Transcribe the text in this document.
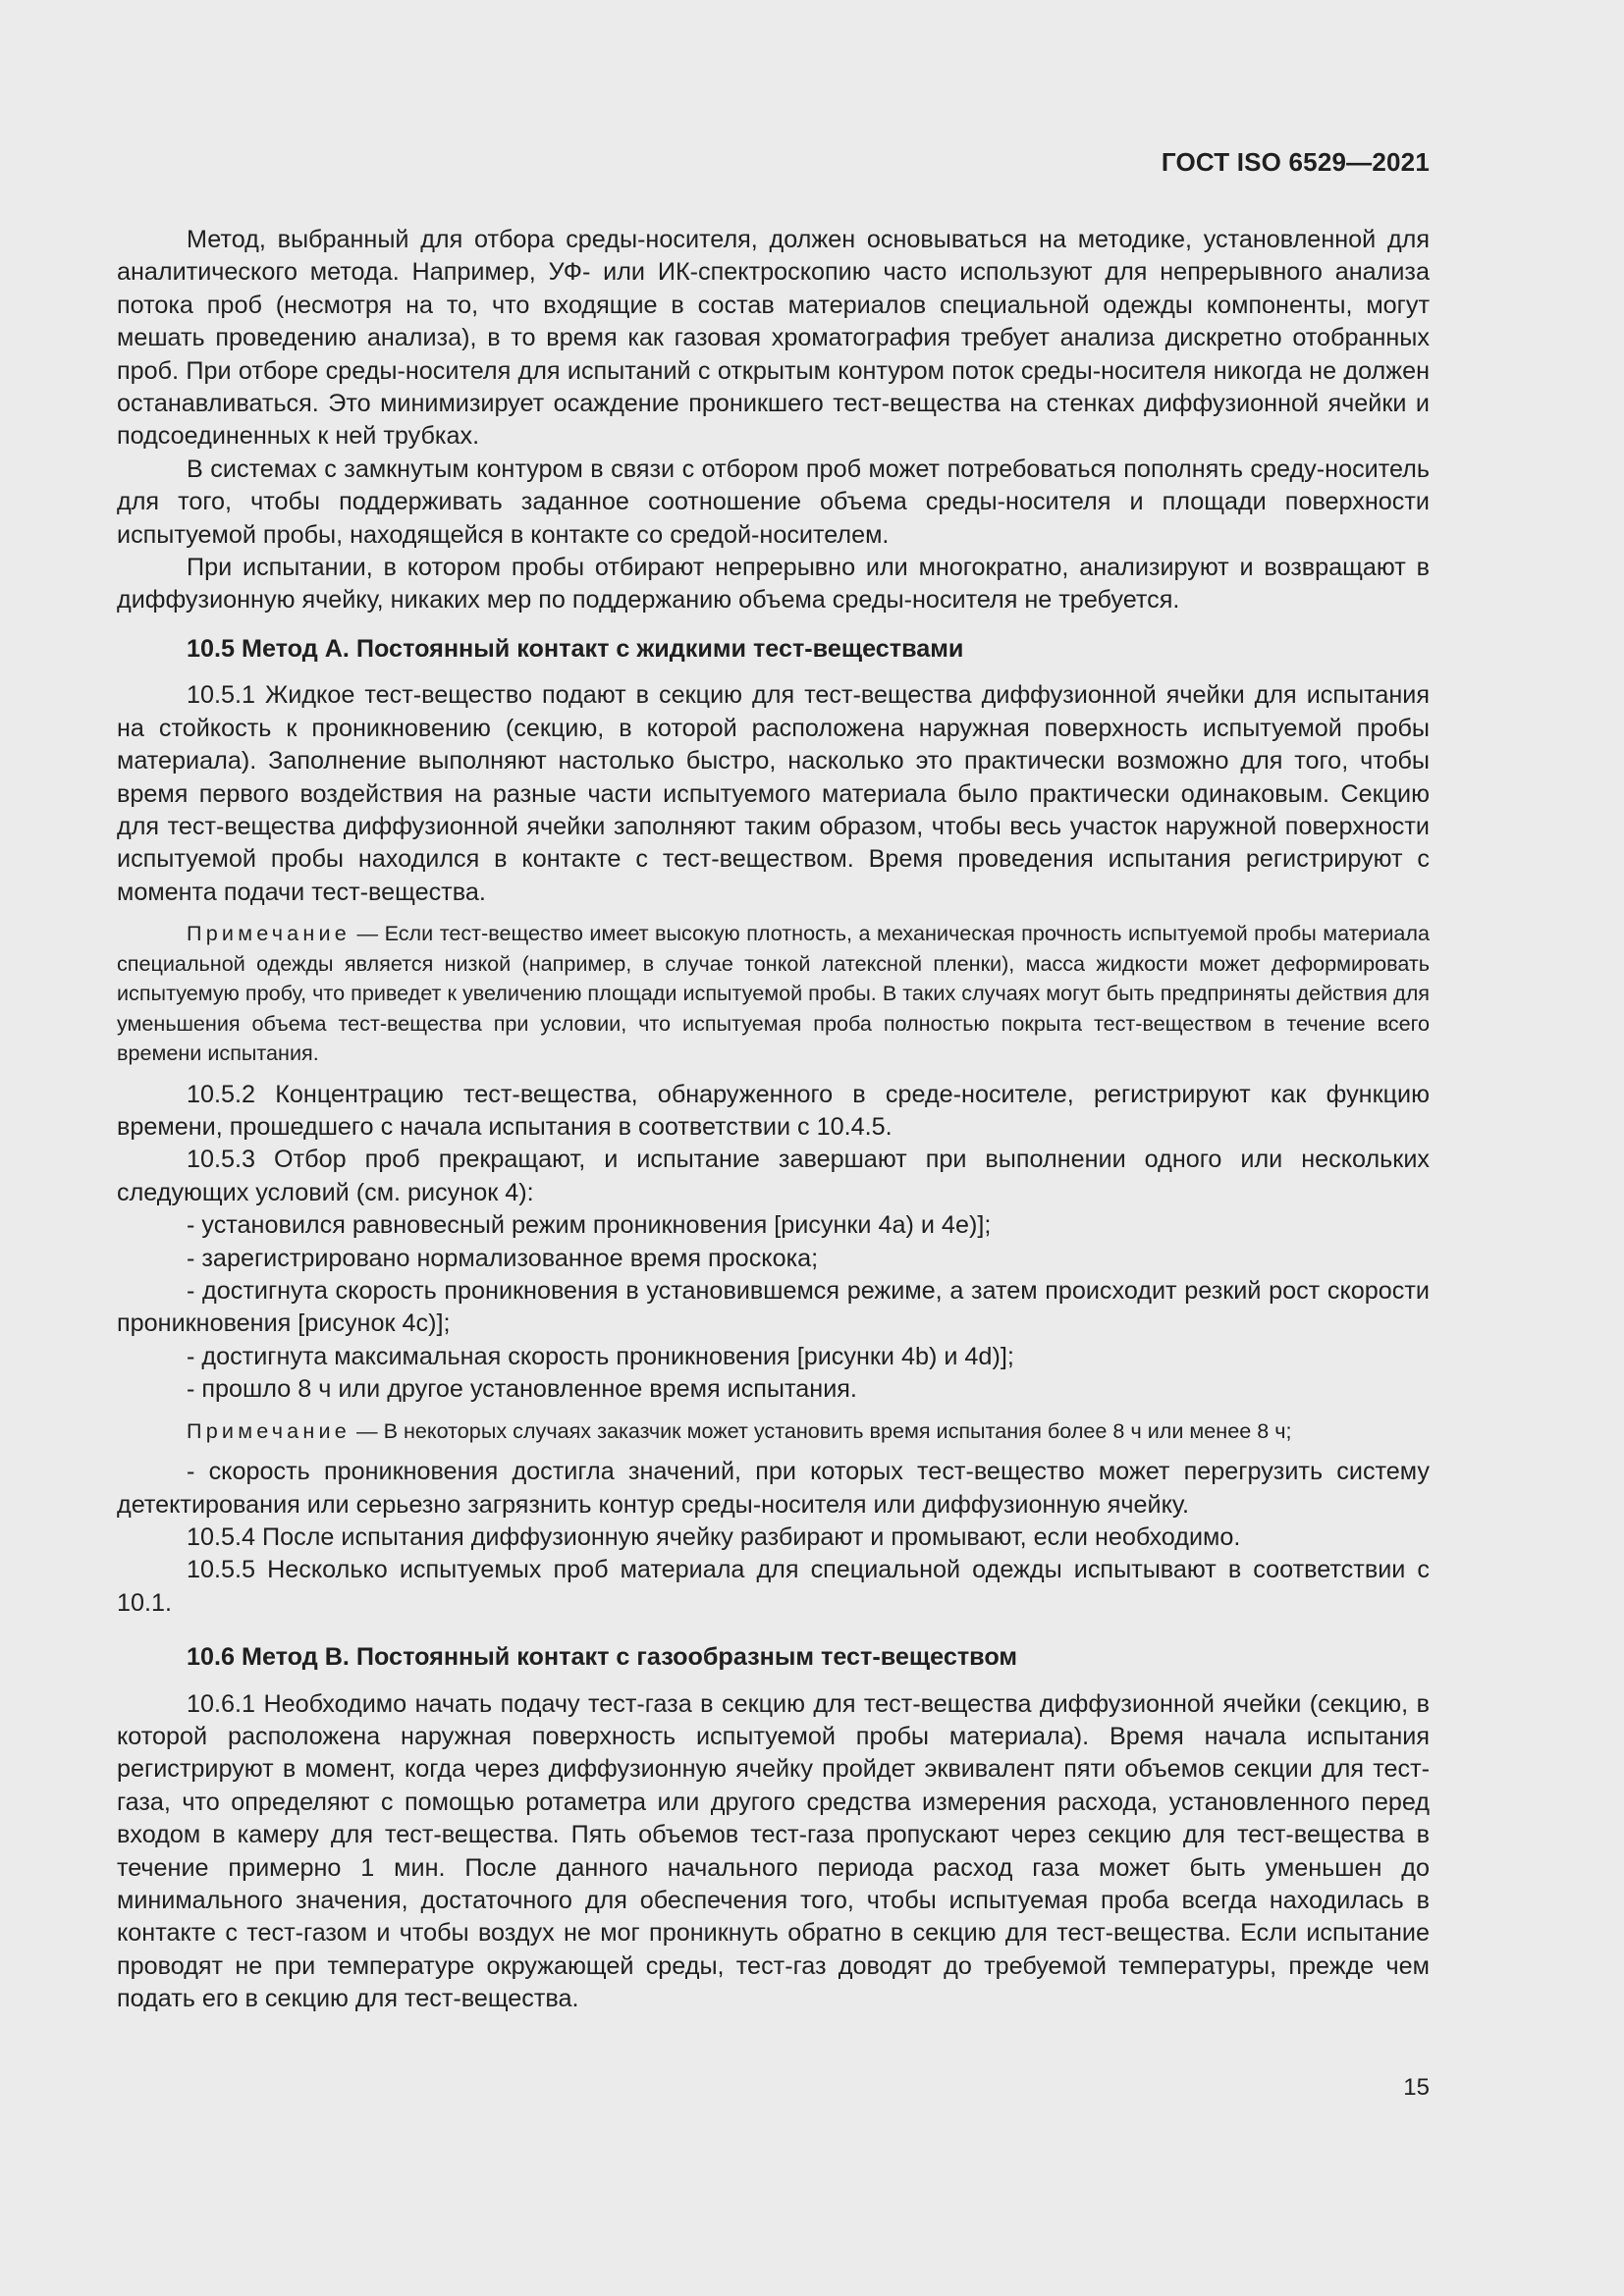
ГОСТ ISO 6529—2021

Метод, выбранный для отбора среды-носителя, должен основываться на методике, установленной для аналитического метода. Например, УФ- или ИК-спектроскопию часто используют для непрерывного анализа потока проб (несмотря на то, что входящие в состав материалов специальной одежды компоненты, могут мешать проведению анализа), в то время как газовая хроматография требует анализа дискретно отобранных проб. При отборе среды-носителя для испытаний с открытым контуром поток среды-носителя никогда не должен останавливаться. Это минимизирует осаждение проникшего тест-вещества на стенках диффузионной ячейки и подсоединенных к ней трубках.

В системах с замкнутым контуром в связи с отбором проб может потребоваться пополнять среду-носитель для того, чтобы поддерживать заданное соотношение объема среды-носителя и площади поверхности испытуемой пробы, находящейся в контакте со средой-носителем.

При испытании, в котором пробы отбирают непрерывно или многократно, анализируют и возвращают в диффузионную ячейку, никаких мер по поддержанию объема среды-носителя не требуется.

10.5 Метод А. Постоянный контакт с жидкими тест-веществами

10.5.1 Жидкое тест-вещество подают в секцию для тест-вещества диффузионной ячейки для испытания на стойкость к проникновению (секцию, в которой расположена наружная поверхность испытуемой пробы материала). Заполнение выполняют настолько быстро, насколько это практически возможно для того, чтобы время первого воздействия на разные части испытуемого материала было практически одинаковым. Секцию для тест-вещества диффузионной ячейки заполняют таким образом, чтобы весь участок наружной поверхности испытуемой пробы находился в контакте с тест-веществом. Время проведения испытания регистрируют с момента подачи тест-вещества.

Примечание — Если тест-вещество имеет высокую плотность, а механическая прочность испытуемой пробы материала специальной одежды является низкой (например, в случае тонкой латексной пленки), масса жидкости может деформировать испытуемую пробу, что приведет к увеличению площади испытуемой пробы. В таких случаях могут быть предприняты действия для уменьшения объема тест-вещества при условии, что испытуемая проба полностью покрыта тест-веществом в течение всего времени испытания.

10.5.2 Концентрацию тест-вещества, обнаруженного в среде-носителе, регистрируют как функцию времени, прошедшего с начала испытания в соответствии с 10.4.5.

10.5.3 Отбор проб прекращают, и испытание завершают при выполнении одного или нескольких следующих условий (см. рисунок 4):

- установился равновесный режим проникновения [рисунки 4а) и 4е)];

- зарегистрировано нормализованное время проскока;

- достигнута скорость проникновения в установившемся режиме, а затем происходит резкий рост скорости проникновения [рисунок 4с)];

- достигнута максимальная скорость проникновения [рисунки 4b) и 4d)];

- прошло 8 ч или другое установленное время испытания.

Примечание — В некоторых случаях заказчик может установить время испытания более 8 ч или менее 8 ч;

- скорость проникновения достигла значений, при которых тест-вещество может перегрузить систему детектирования или серьезно загрязнить контур среды-носителя или диффузионную ячейку.

10.5.4 После испытания диффузионную ячейку разбирают и промывают, если необходимо.

10.5.5 Несколько испытуемых проб материала для специальной одежды испытывают в соответствии с 10.1.

10.6 Метод В. Постоянный контакт с газообразным тест-веществом

10.6.1 Необходимо начать подачу тест-газа в секцию для тест-вещества диффузионной ячейки (секцию, в которой расположена наружная поверхность испытуемой пробы материала). Время начала испытания регистрируют в момент, когда через диффузионную ячейку пройдет эквивалент пяти объемов секции для тест-газа, что определяют с помощью ротаметра или другого средства измерения расхода, установленного перед входом в камеру для тест-вещества. Пять объемов тест-газа пропускают через секцию для тест-вещества в течение примерно 1 мин. После данного начального периода расход газа может быть уменьшен до минимального значения, достаточного для обеспечения того, чтобы испытуемая проба всегда находилась в контакте с тест-газом и чтобы воздух не мог проникнуть обратно в секцию для тест-вещества. Если испытание проводят не при температуре окружающей среды, тест-газ доводят до требуемой температуры, прежде чем подать его в секцию для тест-вещества.

15
